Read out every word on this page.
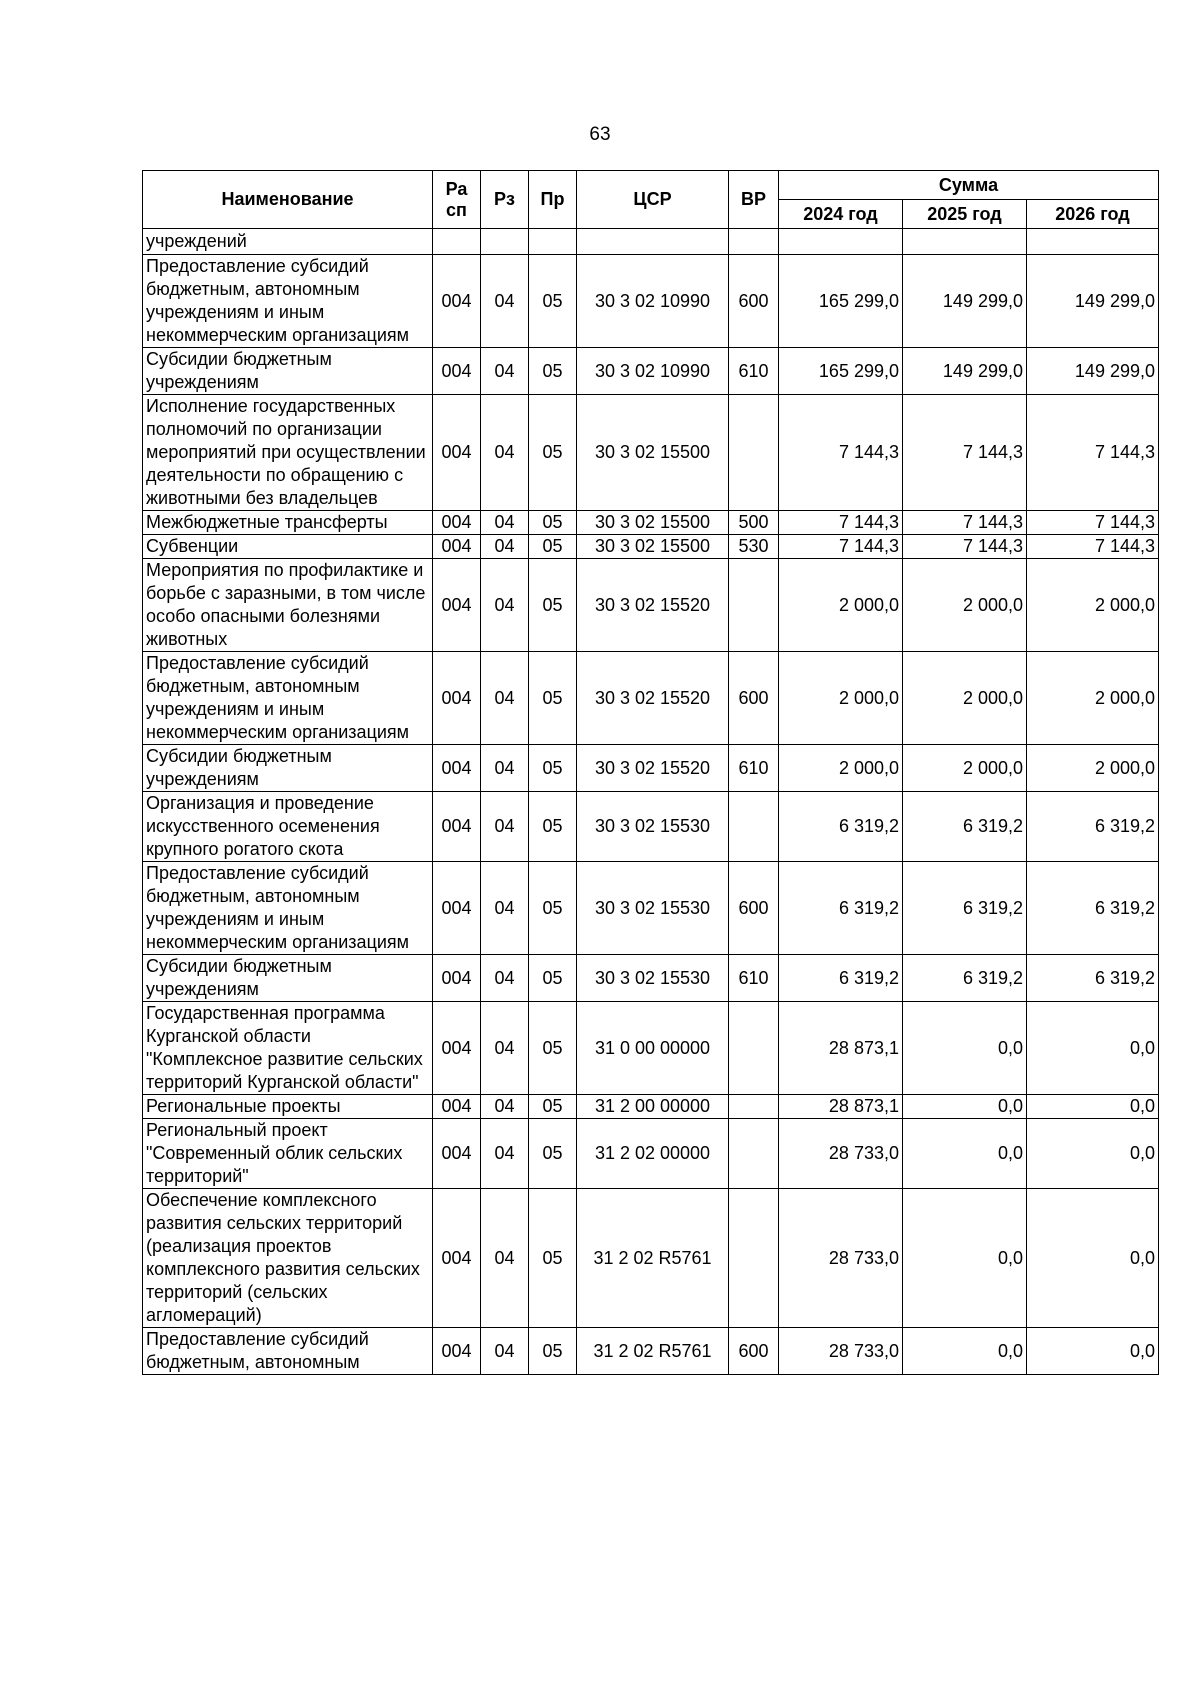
63
Наименование	Ра сп	Рз	Пр	ЦСР	ВР	Сумма		
						2024 год	2025 год	2026 год
учреждений								
Предоставление субсидий бюджетным, автономным учреждениям и иным некоммерческим организациям	004	04	05	30 3 02 10990	600	165 299,0	149 299,0	149 299,0
Субсидии бюджетным учреждениям	004	04	05	30 3 02 10990	610	165 299,0	149 299,0	149 299,0
Исполнение государственных полномочий по организации мероприятий при осуществлении деятельности по обращению с животными без владельцев	004	04	05	30 3 02 15500		7 144,3	7 144,3	7 144,3
Межбюджетные трансферты	004	04	05	30 3 02 15500	500	7 144,3	7 144,3	7 144,3
Субвенции	004	04	05	30 3 02 15500	530	7 144,3	7 144,3	7 144,3
Мероприятия по профилактике и борьбе с заразными, в том числе особо опасными болезнями животных	004	04	05	30 3 02 15520		2 000,0	2 000,0	2 000,0
Предоставление субсидий бюджетным, автономным учреждениям и иным некоммерческим организациям	004	04	05	30 3 02 15520	600	2 000,0	2 000,0	2 000,0
Субсидии бюджетным учреждениям	004	04	05	30 3 02 15520	610	2 000,0	2 000,0	2 000,0
Организация и проведение искусственного осеменения крупного рогатого скота	004	04	05	30 3 02 15530		6 319,2	6 319,2	6 319,2
Предоставление субсидий бюджетным, автономным учреждениям и иным некоммерческим организациям	004	04	05	30 3 02 15530	600	6 319,2	6 319,2	6 319,2
Субсидии бюджетным учреждениям	004	04	05	30 3 02 15530	610	6 319,2	6 319,2	6 319,2
Государственная программа Курганской области "Комплексное развитие сельских территорий Курганской области"	004	04	05	31 0 00 00000		28 873,1	0,0	0,0
Региональные проекты	004	04	05	31 2 00 00000		28 873,1	0,0	0,0
Региональный проект "Современный облик сельских территорий"	004	04	05	31 2 02 00000		28 733,0	0,0	0,0
Обеспечение комплексного развития сельских территорий (реализация проектов комплексного развития сельских территорий (сельских агломераций)	004	04	05	31 2 02 R5761		28 733,0	0,0	0,0
Предоставление субсидий бюджетным, автономным	004	04	05	31 2 02 R5761	600	28 733,0	0,0	0,0
